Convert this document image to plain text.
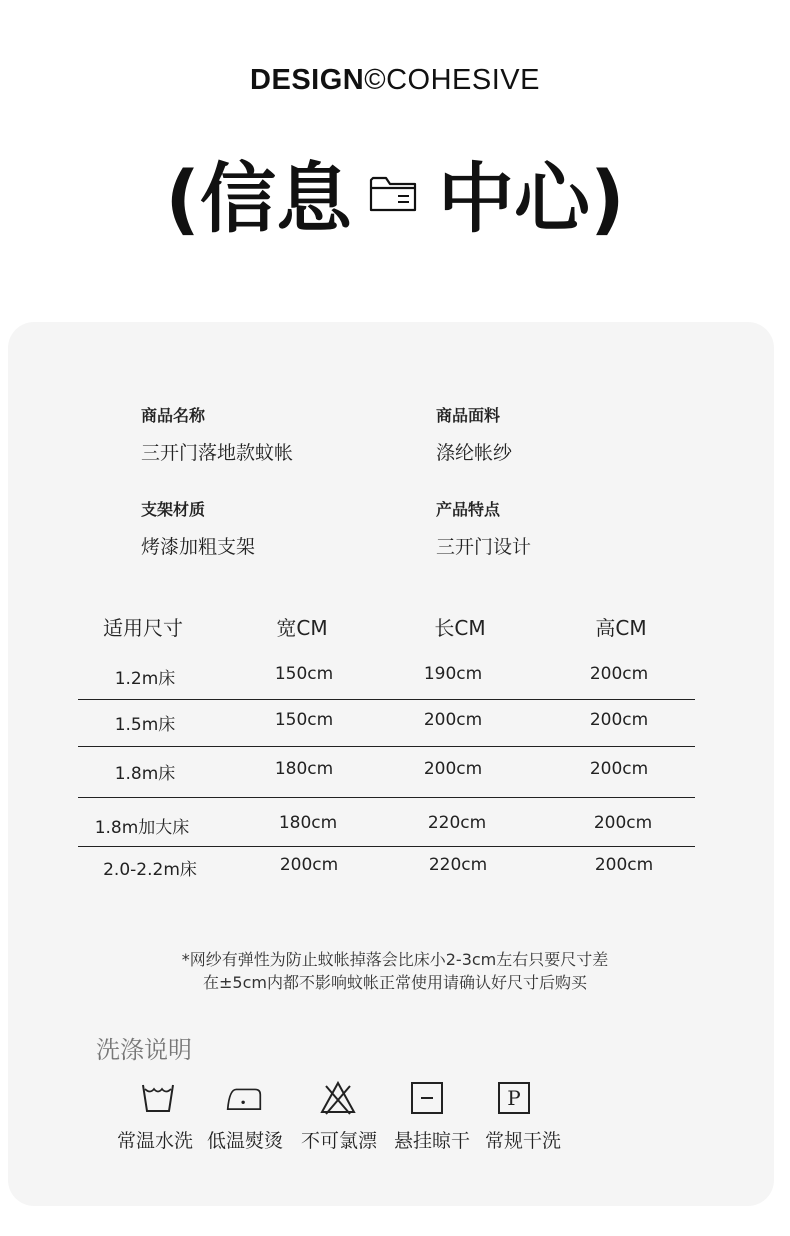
DESIGN©COHESIVE
(信息 中心)
商品名称
三开门落地款蚊帐
商品面料
涤纶帐纱
支架材质
烤漆加粗支架
产品特点
三开门设计
适用尺寸	宽CM	长CM	高CM
1.2m床	150cm	190cm	200cm
1.5m床	150cm	200cm	200cm
1.8m床	180cm	200cm	200cm
1.8m加大床	180cm	220cm	200cm
2.0-2.2m床	200cm	220cm	200cm
*网纱有弹性为防止蚊帐掉落会比床小2-3cm左右只要尺寸差
在±5cm内都不影响蚊帐正常使用请确认好尺寸后购买
洗涤说明
P
常温水洗 低温熨烫 不可氯漂 悬挂晾干 常规干洗
